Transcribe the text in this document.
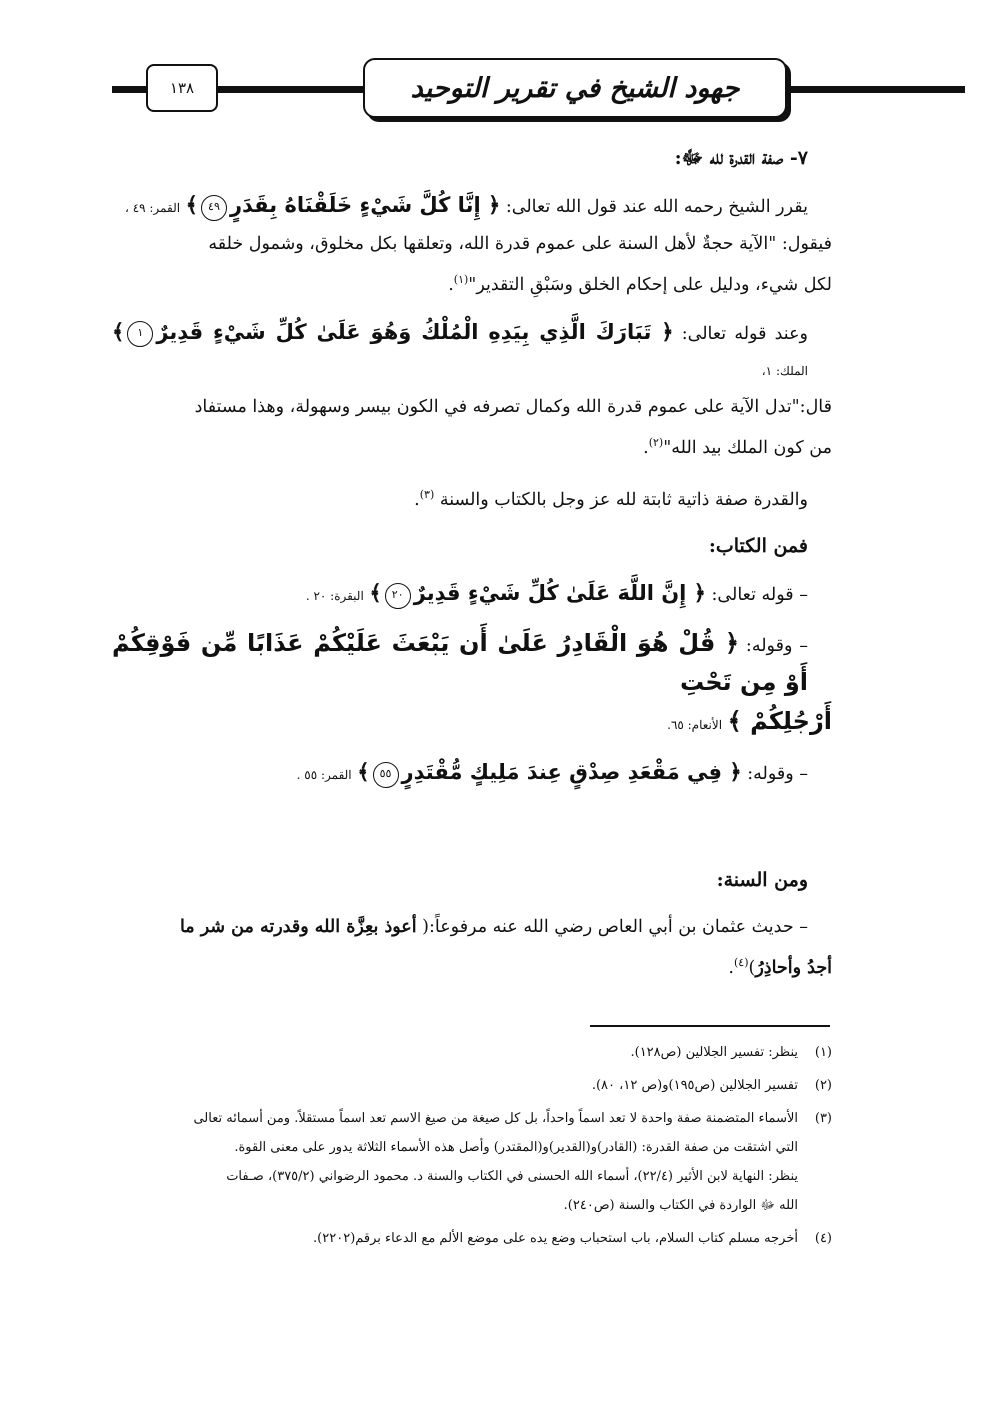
١٣٨	جهود الشيخ في تقرير التوحيد

٧- صفة القدرة لله ﷻ:

يقرر الشيخ رحمه الله عند قول الله تعالى: ﴿ إِنَّا كُلَّ شَيْءٍ خَلَقْنَاهُ بِقَدَرٍ٤٩﴾ القمر: ٤٩ ،
فيقول: "الآية حجةٌ لأهل السنة على عموم قدرة الله، وتعلقها بكل مخلوق، وشمول خلقه
لكل شيء، ودليل على إحكام الخلق وسَبْقِ التقدير"$^{(١)}$.

وعند قوله تعالى: ﴿ تَبَارَكَ الَّذِي بِيَدِهِ الْمُلْكُ وَهُوَ عَلَىٰ كُلِّ شَيْءٍ قَدِيرٌ١﴾ الملك: ١،
قال:"تدل الآية على عموم قدرة الله وكمال تصرفه في الكون بيسر وسهولة، وهذا مستفاد
من كون الملك بيد الله"$^{(٢)}$.

والقدرة صفة ذاتية ثابتة لله عز وجل بالكتاب والسنة $^{(٣)}$.

فمن الكتاب:

– قوله تعالى: ﴿ إِنَّ اللَّهَ عَلَىٰ كُلِّ شَيْءٍ قَدِيرٌ٢٠﴾ البقرة: ٢٠ .

– وقوله: ﴿ قُلْ هُوَ الْقَادِرُ عَلَىٰ أَن يَبْعَثَ عَلَيْكُمْ عَذَابًا مِّن فَوْقِكُمْ أَوْ مِن تَحْتِ
أَرْجُلِكُمْ ﴾ الأنعام: ٦٥.

– وقوله: ﴿ فِي مَقْعَدِ صِدْقٍ عِندَ مَلِيكٍ مُّقْتَدِرٍ٥٥﴾ القمر: ٥٥ .

ومن السنة:

– حديث عثمان بن أبي العاص رضي الله عنه مرفوعاً:( أعوذ بعِزَّة الله وقدرته من شر ما
أجدُ وأحاذِرُ)$^{(٤)}$.

(١)
ينظر: تفسير الجلالين (ص١٢٨).
(٢)
تفسير الجلالين (ص١٩٥)و(ص ١٢، ٨٠).
(٣)
الأسماء المتضمنة صفة واحدة لا تعد اسماً واحداً، بل كل صيغة من صيغ الاسم تعد اسماً مستقلاً. ومن أسمائه تعالى
التي اشتقت من صفة القدرة: (القادر)و(القدير)و(المقتدر) وأصل هذه الأسماء الثلاثة يدور على معنى القوة.
ينظر: النهاية لابن الأثير (٢٢/٤)، أسماء الله الحسنى في الكتاب والسنة د. محمود الرضواني (٣٧٥/٢)، صـفات
الله ﷻ الواردة في الكتاب والسنة (ص٢٤٠).
(٤)
أخرجه مسلم كتاب السلام، باب استحباب وضع يده على موضع الألم مع الدعاء برقم(٢٢٠٢).
